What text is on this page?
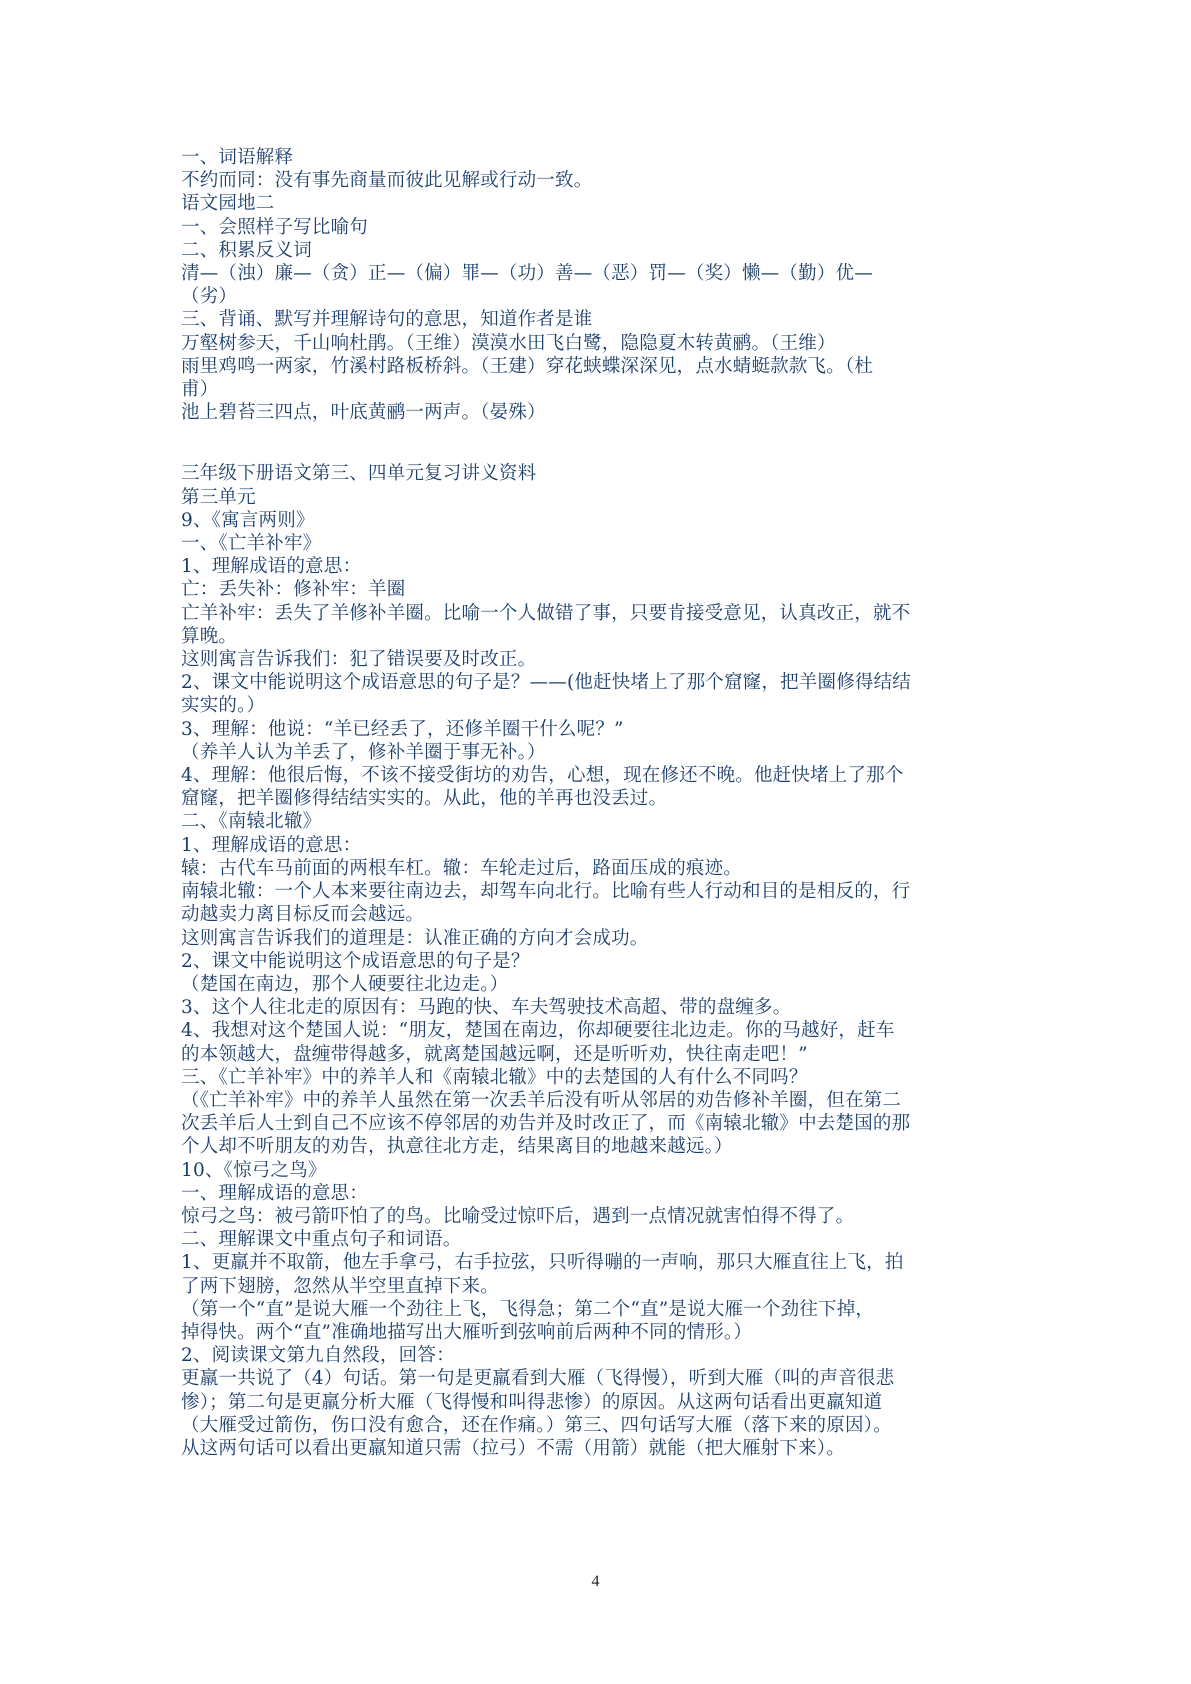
一、词语解释
不约而同：没有事先商量而彼此见解或行动一致。
语文园地二
一、会照样子写比喻句
二、积累反义词
清—（浊）廉—（贪）正—（偏）罪—（功）善—（恶）罚—（奖）懒—（勤）优—
（劣）
三、背诵、默写并理解诗句的意思，知道作者是谁
万壑树参天，千山响杜鹃。（王维）漠漠水田飞白鹭，隐隐夏木转黄鹂。（王维）
雨里鸡鸣一两家，竹溪村路板桥斜。（王建）穿花蛱蝶深深见，点水蜻蜓款款飞。（杜
甫）
池上碧苔三四点，叶底黄鹂一两声。（晏殊）
三年级下册语文第三、四单元复习讲义资料
第三单元
9、《寓言两则》
一、《亡羊补牢》
1、理解成语的意思：
亡：丢失补：修补牢：羊圈
亡羊补牢：丢失了羊修补羊圈。比喻一个人做错了事，只要肯接受意见，认真改正，就不
算晚。
这则寓言告诉我们：犯了错误要及时改正。
2、课文中能说明这个成语意思的句子是？——(他赶快堵上了那个窟窿，把羊圈修得结结
实实的。）
3、理解：他说：“羊已经丢了，还修羊圈干什么呢？”
（养羊人认为羊丢了，修补羊圈于事无补。）
4、理解：他很后悔，不该不接受街坊的劝告，心想，现在修还不晚。他赶快堵上了那个
窟窿，把羊圈修得结结实实的。从此，他的羊再也没丢过。
二、《南辕北辙》
1、理解成语的意思：
辕：古代车马前面的两根车杠。辙：车轮走过后，路面压成的痕迹。
南辕北辙：一个人本来要往南边去，却驾车向北行。比喻有些人行动和目的是相反的，行
动越卖力离目标反而会越远。
这则寓言告诉我们的道理是：认准正确的方向才会成功。
2、课文中能说明这个成语意思的句子是？
（楚国在南边，那个人硬要往北边走。）
3、这个人往北走的原因有：马跑的快、车夫驾驶技术高超、带的盘缠多。
4、我想对这个楚国人说：“朋友，楚国在南边，你却硬要往北边走。你的马越好，赶车
的本领越大，盘缠带得越多，就离楚国越远啊，还是听听劝，快往南走吧！”
三、《亡羊补牢》中的养羊人和《南辕北辙》中的去楚国的人有什么不同吗？
（《亡羊补牢》中的养羊人虽然在第一次丢羊后没有听从邻居的劝告修补羊圈，但在第二
次丢羊后人士到自己不应该不停邻居的劝告并及时改正了，而《南辕北辙》中去楚国的那
个人却不听朋友的劝告，执意往北方走，结果离目的地越来越远。）
10、《惊弓之鸟》
一、理解成语的意思：
惊弓之鸟：被弓箭吓怕了的鸟。比喻受过惊吓后，遇到一点情况就害怕得不得了。
二、理解课文中重点句子和词语。
1、更羸并不取箭，他左手拿弓，右手拉弦，只听得嘣的一声响，那只大雁直往上飞，拍
了两下翅膀，忽然从半空里直掉下来。
（第一个“直”是说大雁一个劲往上飞，飞得急；第二个“直”是说大雁一个劲往下掉，
掉得快。两个“直”准确地描写出大雁听到弦响前后两种不同的情形。）
2、阅读课文第九自然段，回答：
更羸一共说了（4）句话。第一句是更羸看到大雁（飞得慢），听到大雁（叫的声音很悲
惨）；第二句是更羸分析大雁（飞得慢和叫得悲惨）的原因。从这两句话看出更羸知道
（大雁受过箭伤，伤口没有愈合，还在作痛。）第三、四句话写大雁（落下来的原因）。
从这两句话可以看出更羸知道只需（拉弓）不需（用箭）就能（把大雁射下来）。
4
